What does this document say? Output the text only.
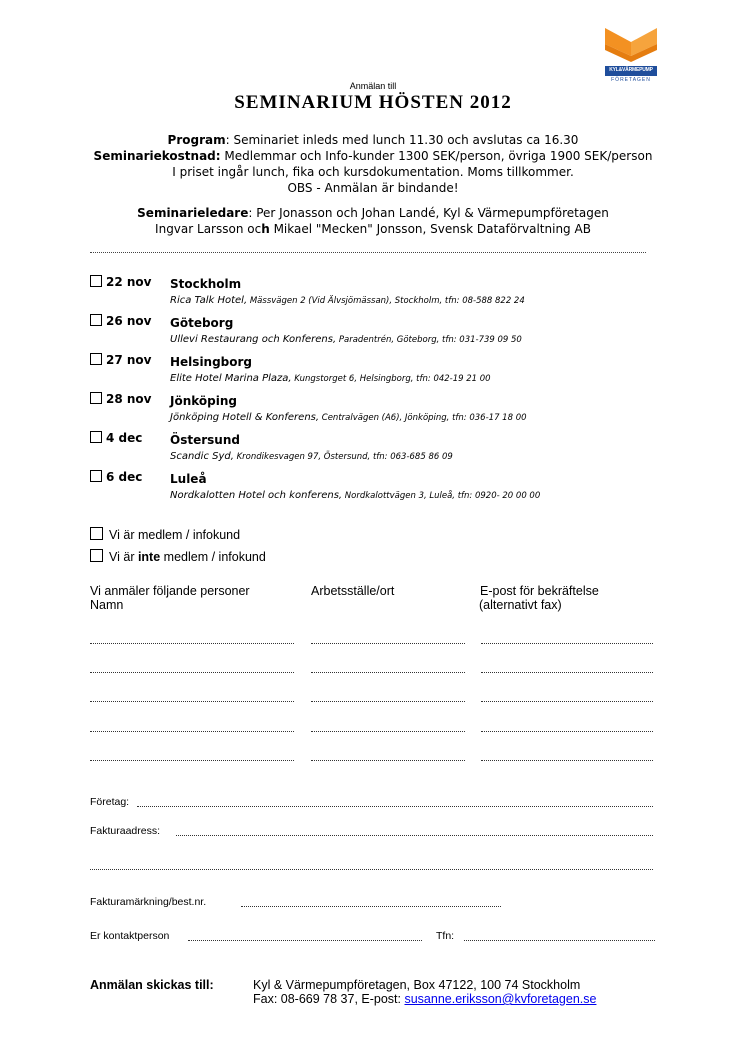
KYL&VÄRMEPUMP
FÖRETAGEN
Anmälan till
SEMINARIUM HÖSTEN 2012
Program: Seminariet inleds med lunch 11.30 och avslutas ca 16.30
Seminariekostnad: Medlemmar och Info-kunder 1300 SEK/person, övriga 1900 SEK/person
I priset ingår lunch, fika och kursdokumentation. Moms tillkommer.
OBS - Anmälan är bindande!
Seminarieledare: Per Jonasson och Johan Landé, Kyl & Värmepumpföretagen
Ingvar Larsson och Mikael "Mecken" Jonsson, Svensk Dataförvaltning AB
22 nov Stockholm
Rica Talk Hotel, Mässvägen 2 (Vid Älvsjömässan), Stockholm, tfn: 08-588 822 24
26 nov Göteborg
Ullevi Restaurang och Konferens, Paradentrén, Göteborg, tfn: 031-739 09 50
27 nov Helsingborg
Elite Hotel Marina Plaza, Kungstorget 6, Helsingborg, tfn: 042-19 21 00
28 nov Jönköping
Jönköping Hotell & Konferens, Centralvägen (A6), Jönköping, tfn: 036-17 18 00
4 dec Östersund
Scandic Syd, Krondikesvagen 97, Östersund, tfn: 063-685 86 09
6 dec Luleå
Nordkalotten Hotel och konferens, Nordkalottvägen 3, Luleå, tfn: 0920- 20 00 00
Vi är medlem / infokund
Vi är inte medlem / infokund
Vi anmäler följande personer
Namn
Arbetsställe/ort	E-post för bekräftelse
(alternativt fax)
Företag:
Fakturaadress:
Fakturamärkning/best.nr.
Er kontaktperson	Tfn:
Anmälan skickas till:	Kyl & Värmepumpföretagen, Box 47122, 100 74 Stockholm
Fax: 08-669 78 37, E-post: susanne.eriksson@kvforetagen.se
